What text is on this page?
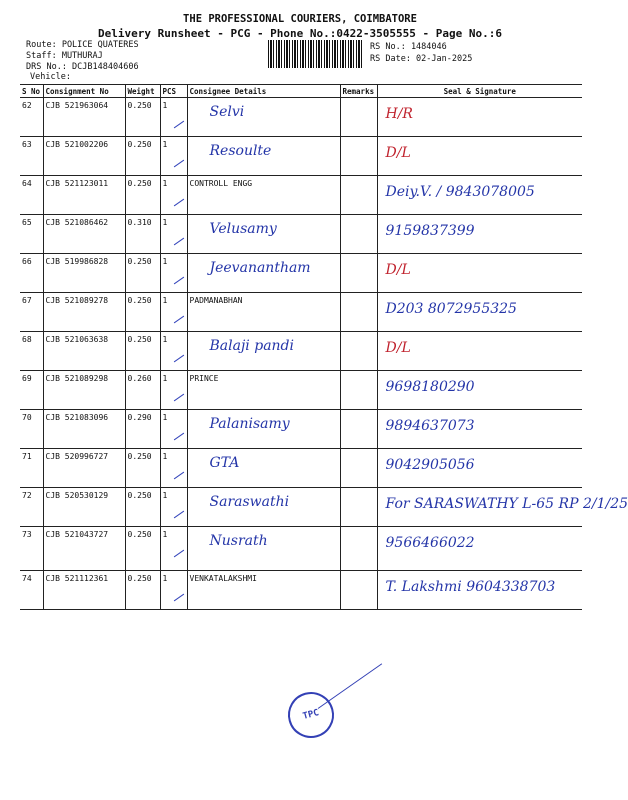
THE PROFESSIONAL COURIERS, COIMBATORE
Delivery Runsheet - PCG - Phone No.:0422-3505555 - Page No.:6
Route: POLICE QUATERES
Staff: MUTHURAJ
DRS No.: DCJB148404606
Vehicle:
RS No.: 1484046
RS Date: 02-Jan-2025
S No	Consignment No	Weight	PCS	Consignee Details	Remarks	Seal & Signature
62	CJB 521963064	0.250	1	Selvi		H/R

63	CJB 521002206	0.250	1	Resoulte		D/L

64	CJB 521123011	0.250	1	CONTROLL ENGG		Deiy.V. / 9843078005

65	CJB 521086462	0.310	1	Velusamy		9159837399

66	CJB 519986828	0.250	1	Jeevanantham		D/L

67	CJB 521089278	0.250	1	PADMANABHAN		D203 8072955325

68	CJB 521063638	0.250	1	Balaji pandi		D/L

69	CJB 521089298	0.260	1	PRINCE		9698180290

70	CJB 521083096	0.290	1	Palanisamy		9894637073

71	CJB 520996727	0.250	1	GTA		9042905056

72	CJB 520530129	0.250	1	Saraswathi		For SARASWATHY L-65 RP 2/1/25

73	CJB 521043727	0.250	1	Nusrath		9566466022

74	CJB 521112361	0.250	1	VENKATALAKSHMI		T. Lakshmi 9604338703
TPC
